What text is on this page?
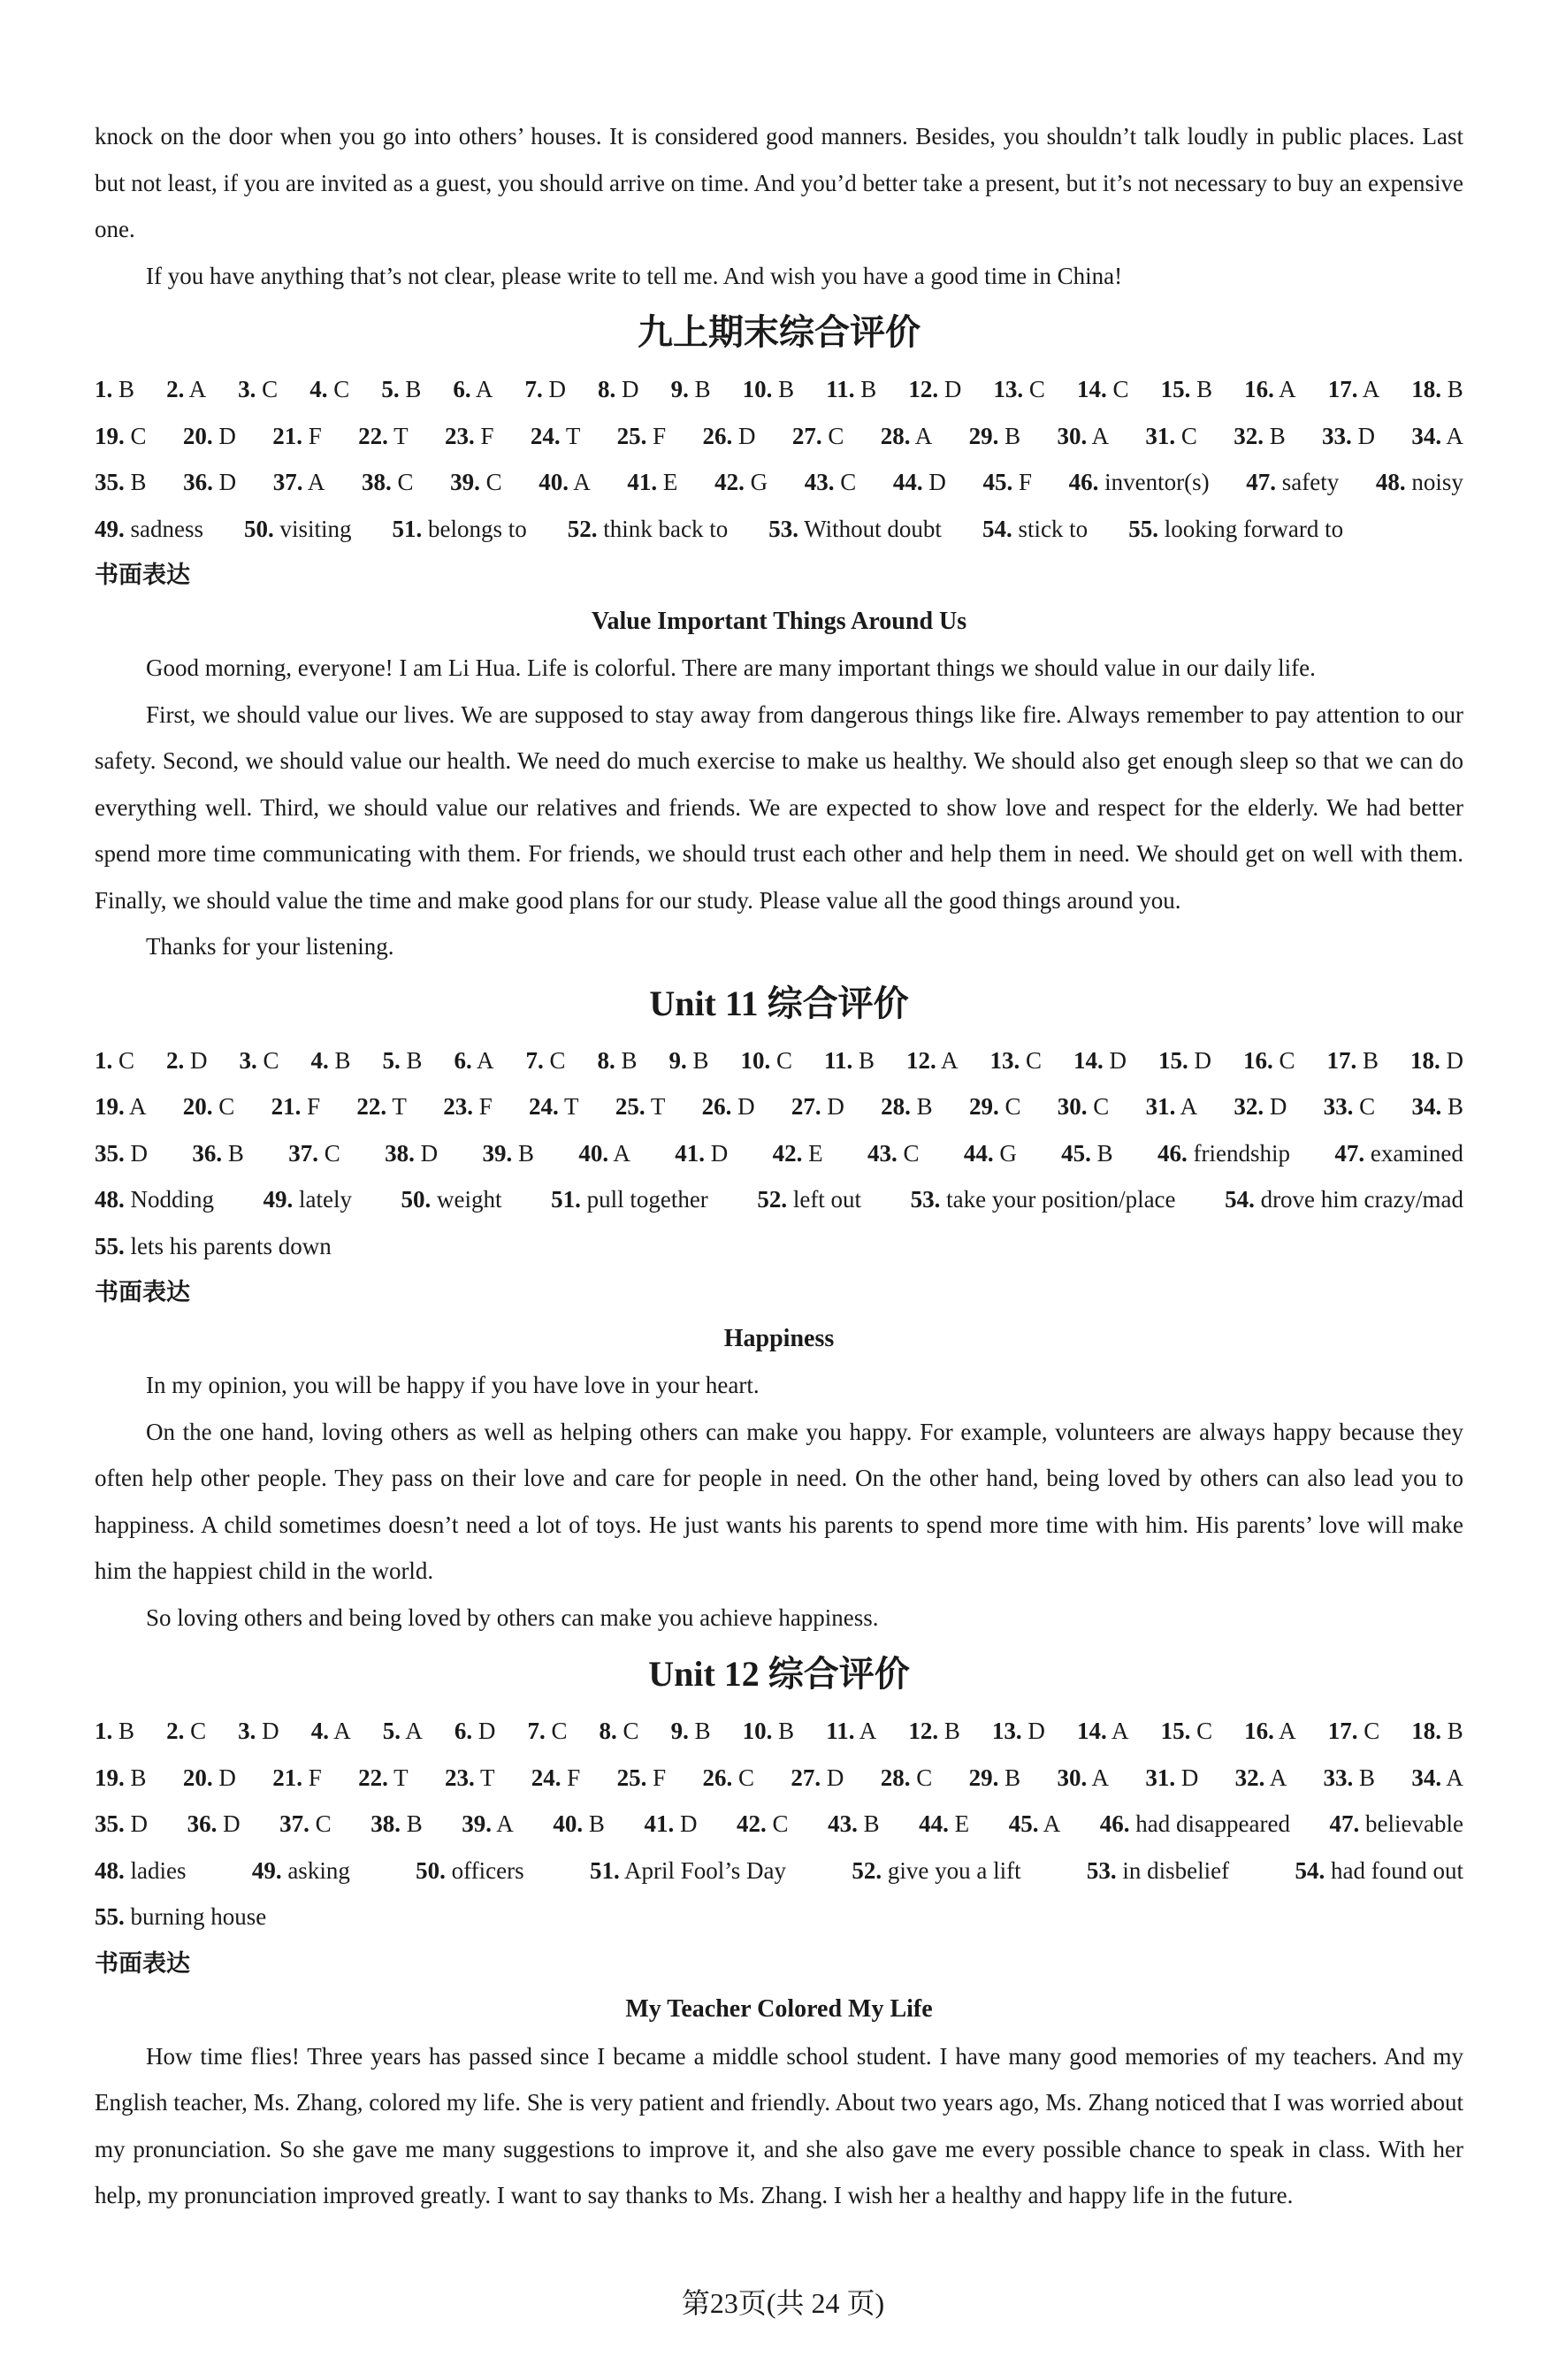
knock on the door when you go into others’ houses. It is considered good manners. Besides, you shouldn’t talk loudly in public places. Last but not least, if you are invited as a guest, you should arrive on time. And you’d better take a present, but it’s not necessary to buy an expensive one.

If you have anything that’s not clear, please write to tell me. And wish you have a good time in China!

九上期末综合评价
1. B 2. A 3. C 4. C 5. B 6. A 7. D 8. D 9. B 10. B 11. B 12. D 13. C 14. C 15. B 16. A 17. A 18. B
19. C 20. D 21. F 22. T 23. F 24. T 25. F 26. D 27. C 28. A 29. B 30. A 31. C 32. B 33. D 34. A
35. B 36. D 37. A 38. C 39. C 40. A 41. E 42. G 43. C 44. D 45. F 46. inventor(s) 47. safety 48. noisy
49. sadness 50. visiting 51. belongs to 52. think back to 53. Without doubt 54. stick to 55. looking forward to
书面表达
Value Important Things Around Us

Good morning, everyone! I am Li Hua. Life is colorful. There are many important things we should value in our daily life.

First, we should value our lives. We are supposed to stay away from dangerous things like fire. Always remember to pay attention to our safety. Second, we should value our health. We need do much exercise to make us healthy. We should also get enough sleep so that we can do everything well. Third, we should value our relatives and friends. We are expected to show love and respect for the elderly. We had better spend more time communicating with them. For friends, we should trust each other and help them in need. We should get on well with them. Finally, we should value the time and make good plans for our study. Please value all the good things around you.

Thanks for your listening.

Unit 11 综合评价
1. C 2. D 3. C 4. B 5. B 6. A 7. C 8. B 9. B 10. C 11. B 12. A 13. C 14. D 15. D 16. C 17. B 18. D
19. A 20. C 21. F 22. T 23. F 24. T 25. T 26. D 27. D 28. B 29. C 30. C 31. A 32. D 33. C 34. B
35. D 36. B 37. C 38. D 39. B 40. A 41. D 42. E 43. C 44. G 45. B 46. friendship 47. examined
48. Nodding 49. lately 50. weight 51. pull together 52. left out 53. take your position/place 54. drove him crazy/mad
55. lets his parents down
书面表达
Happiness

In my opinion, you will be happy if you have love in your heart.

On the one hand, loving others as well as helping others can make you happy. For example, volunteers are always happy because they often help other people. They pass on their love and care for people in need. On the other hand, being loved by others can also lead you to happiness. A child sometimes doesn’t need a lot of toys. He just wants his parents to spend more time with him. His parents’ love will make him the happiest child in the world.

So loving others and being loved by others can make you achieve happiness.

Unit 12 综合评价
1. B 2. C 3. D 4. A 5. A 6. D 7. C 8. C 9. B 10. B 11. A 12. B 13. D 14. A 15. C 16. A 17. C 18. B
19. B 20. D 21. F 22. T 23. T 24. F 25. F 26. C 27. D 28. C 29. B 30. A 31. D 32. A 33. B 34. A
35. D 36. D 37. C 38. B 39. A 40. B 41. D 42. C 43. B 44. E 45. A 46. had disappeared 47. believable
48. ladies	49. asking	50. officers	51. April Fool’s Day	52. give you a lift	53. in disbelief	54. had found out
55. burning house
书面表达
My Teacher Colored My Life

How time flies! Three years has passed since I became a middle school student. I have many good memories of my teachers. And my English teacher, Ms. Zhang, colored my life. She is very patient and friendly. About two years ago, Ms. Zhang noticed that I was worried about my pronunciation. So she gave me many suggestions to improve it, and she also gave me every possible chance to speak in class. With her help, my pronunciation improved greatly. I want to say thanks to Ms. Zhang. I wish her a healthy and happy life in the future.

第23页(共 24 页)
